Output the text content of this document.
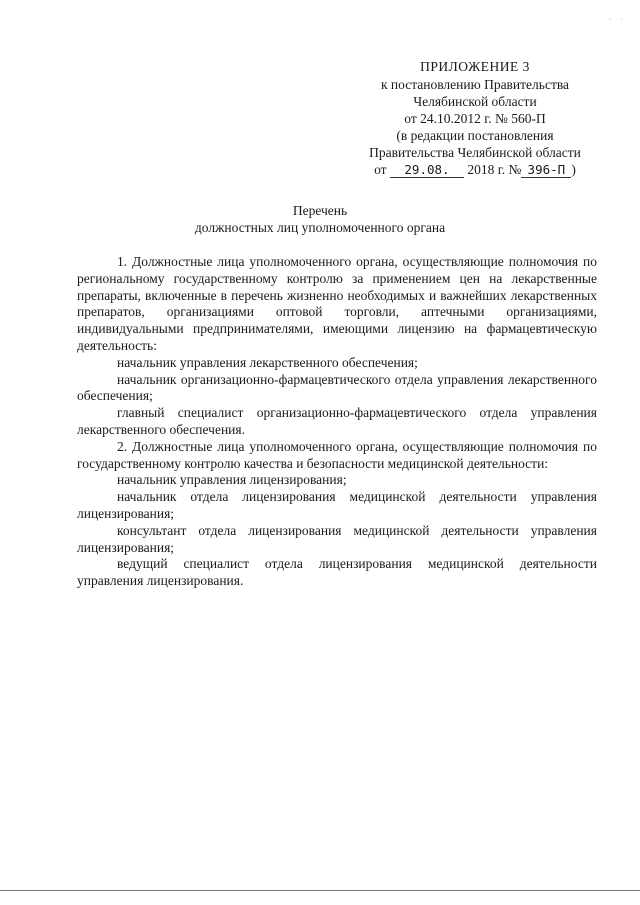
· ·
ПРИЛОЖЕНИЕ 3
к постановлению Правительства
Челябинской области
от 24.10.2012 г. № 560-П
(в редакции постановления
Правительства Челябинской области
от 29.08. 2018 г. № 396-П )
Перечень
должностных лиц уполномоченного органа

1. Должностные лица уполномоченного органа, осуществляющие полномочия по региональному государственному контролю за применением цен на лекарственные препараты, включенные в перечень жизненно необходимых и важнейших лекарственных препаратов, организациями оптовой торговли, аптечными организациями, индивидуальными предпринимателями, имеющими лицензию на фармацевтическую деятельность:

начальник управления лекарственного обеспечения;

начальник организационно-фармацевтического отдела управления лекарственного обеспечения;

главный специалист организационно-фармацевтического отдела управления лекарственного обеспечения.

2. Должностные лица уполномоченного органа, осуществляющие полномочия по государственному контролю качества и безопасности медицинской деятельности:

начальник управления лицензирования;

начальник отдела лицензирования медицинской деятельности управления лицензирования;

консультант отдела лицензирования медицинской деятельности управления лицензирования;

ведущий специалист отдела лицензирования медицинской деятельности управления лицензирования.
